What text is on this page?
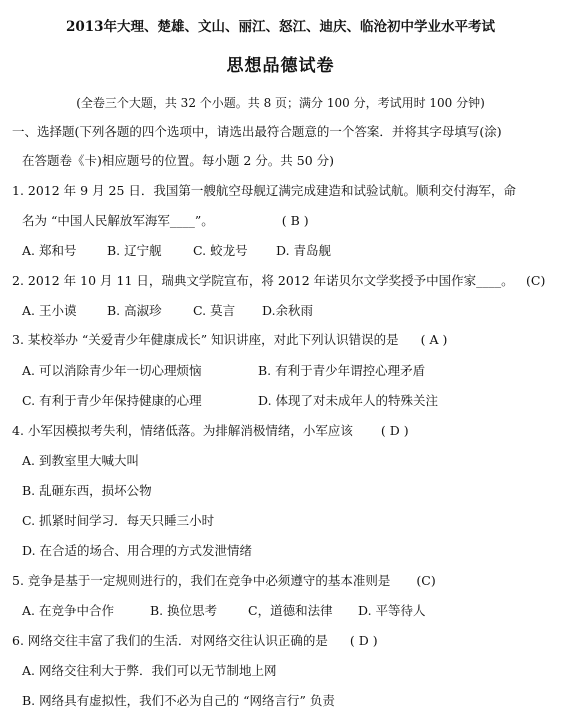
2013年大理、楚雄、文山、丽江、怒江、迪庆、临沧初中学业水平考试
思想品德试卷
(全卷三个大题，共 32 个小题。共 8 页；满分 100 分，考试用时 100 分钟)
一、选择题(下列各题的四个选项中，请选出最符合题意的一个答案．并将其字母填写(涂)
在答题卷《卡)相应题号的位置。每小题 2 分。共 50 分)
1. 2012 年 9 月 25 日．我国第一艘航空母舰辽满完成建造和试验试航。顺利交付海军，命
名为 “中国人民解放军海军____”。	( B )
A. 郑和号 B. 辽宁舰	C. 蛟龙号 D. 青岛舰
2. 2012 年 10 月 11 日，瑞典文学院宣布，将 2012 年诺贝尔文学奖授予中国作家____。 (C)
A. 王小谟 B. 高淑珍	C. 莫言 D.余秋雨
3. 某校举办 “关爱青少年健康成长” 知识讲座，对此下列认识错误的是 ( A )
A. 可以消除青少年一切心理烦恼	B. 有利于青少年谓控心理矛盾
C. 有利于青少年保持健康的心理	D. 体现了对未成年人的特殊关注
4. 小军因模拟考失利，情绪低落。为排解消极情绪，小军应该 ( D )
A. 到教室里大喊大叫
B. 乱砸东西，损坏公物
C. 抓紧时间学习．每天只睡三小时
D. 在合适的场合、用合理的方式发泄情绪
5. 竞争是基于一定规则进行的，我们在竞争中必须遵守的基本准则是 (C)
A. 在竞争中合作	B. 换位思考 C，道德和法律 D. 平等待人
6. 网络交往丰富了我们的生活．对网络交往认识正确的是 ( D )
A. 网络交往利大于弊．我们可以无节制地上网
B. 网络具有虚拟性，我们不必为自己的 “网络言行” 负责
